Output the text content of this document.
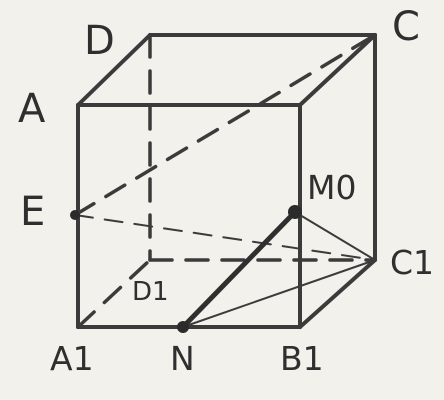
D	C
A
E
M0
C1
D1
A1 N	B1
